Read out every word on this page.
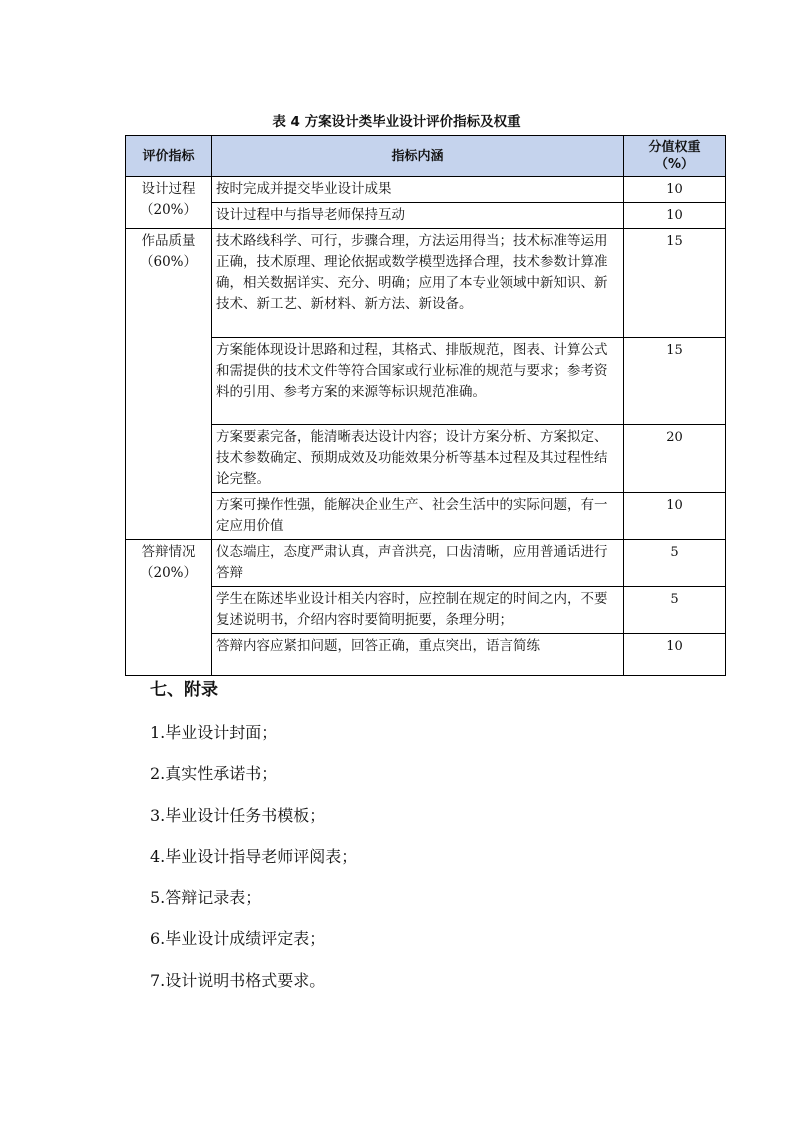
表 4 方案设计类毕业设计评价指标及权重
评价指标	指标内涵	分值权重
（%）

设计过程
（20%）	按时完成并提交毕业设计成果	10
	设计过程中与指导老师保持互动	10

作品质量
（60%）	技术路线科学、可行，步骤合理，方法运用得当；技术标准等运用正确，技术原理、理论依据或数学模型选择合理，技术参数计算准确，相关数据详实、充分、明确；应用了本专业领域中新知识、新技术、新工艺、新材料、新方法、新设备。	15
	方案能体现设计思路和过程，其格式、排版规范，图表、计算公式和需提供的技术文件等符合国家或行业标准的规范与要求；参考资料的引用、参考方案的来源等标识规范准确。	15
	方案要素完备，能清晰表达设计内容；设计方案分析、方案拟定、技术参数确定、预期成效及功能效果分析等基本过程及其过程性结论完整。	20
	方案可操作性强，能解决企业生产、社会生活中的实际问题，有一定应用价值	10

答辩情况
（20%）	仪态端庄，态度严肃认真，声音洪亮，口齿清晰，应用普通话进行答辩	5
	学生在陈述毕业设计相关内容时，应控制在规定的时间之内，不要复述说明书，介绍内容时要简明扼要，条理分明；	5
	答辩内容应紧扣问题，回答正确，重点突出，语言简练	10
七、附录
1.毕业设计封面；
2.真实性承诺书；
3.毕业设计任务书模板；
4.毕业设计指导老师评阅表；
5.答辩记录表；
6.毕业设计成绩评定表；
7.设计说明书格式要求。
